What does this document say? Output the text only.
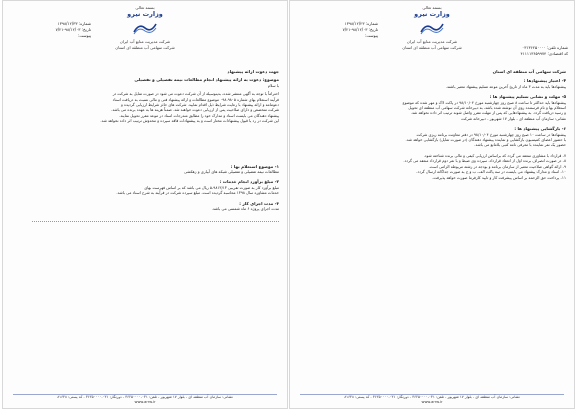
بسمه تعالی
وزارت نیرو
شرکت مدیریت منابع آب ایران
شرکت سهامی آب منطقه ای استان
شماره: ۱۳۹۸/۱۲/۳۳
تاریخ: ۹۸/۱۲/۰۳-۷/۲۱
پیوست:
جهت دعوت ارائه پیشنهاد
موضوع: دعوت به ارائه پیشنهاد انجام مطالعات نیمه تفصیلی و تفصیلی
با سلام
احتراماً با توجه به آگهی منتشر شده، بدینوسیله از آن شرکت دعوت می شود در صورت تمایل به شرکت در
فرآیند استعلام بهای شماره ۹۸۰۵-۰۹۸ موضوع مطالعات و ارائه پیشنهاد فنی و مالی نسبت به دریافت اسناد
دعوتنامه و ارائه پیشنهاد با رعایت شرایط ذیل اقدام نمایید. شرکت های حائز شرایط ارزیابی گردیده و
شرکت متخصص و دارای صلاحیت پس از ارزیابی دعوت خواهند شد. ضمناً هزینه ها به عهده برنده می باشد.
پیشنهاد دهندگان می بایست اسناد و مدارک خود را مطابق مندرجات اسناد در موعد مقرر تحویل نمایند.
این شرکت در رد یا قبول پیشنهادات مختار است و به پیشنهادات فاقد سپرده و مخدوش ترتیب اثر داده نخواهد شد.
۱- موضوع استعلام بها :
مطالعات نیمه تفصیلی و تفصیلی شبکه های آبیاری و زهکشی
۲- مبلغ برآورد انجام خدمات :
مبلغ برآورد کار به صورت تقریبی ۹۸۱۳/۱۳-۵ ریال می باشد که بر اساس فهرست بهای
خدمات مشاوره سال ۱۳۹۸ محاسبه گردیده است. مبلغ سپرده شرکت در فرآیند به شرح اسناد می باشد.
۳- مدت اجرای کار :
مدت اجرای پروژه ۶ ماه شمسی می باشد.
نشانی: سازمان آب منطقه ای - بلوار ۱۷ شهریور - تلفن: ۰۳۱-۳۶۲۵۰۰۰۰ - دورنگار: ۰۳۱-۳۶۲۵۰۰۰۰ - کد پستی: ۸۱۶۴۸
www.arrw.ir
بسمه تعالی
وزارت نیرو
شرکت مدیریت منابع آب ایران
شرکت سهامی آب منطقه ای استان
شماره: ۱۳۹۸/۱۲/۲۳
تاریخ: ۹۸/۱۲/۰۳-۷/۲۱
پیوست:
شماره تلفن: ۰۳۱۳۶۲۵۰۰۰۰
کد اقتصادی: ۴۱۱۱۱۳۶۵۹۹۷۴
شرکت سهامی آب منطقه ای استان
۴- اعتبار پیشنهادها :
پیشنهادها باید به مدت ۳ ماه از تاریخ آخرین موعد تسلیم پیشنهاد معتبر باشند.
۵- مهلت و نشانی تسلیم پیشنهاد ها :
پیشنهادها باید حداکثر تا ساعت ۸ صبح روز چهارشنبه مورخ ۹۸/۱۰/۰۴ در پاکت لاک و مهر شده که موضوع
استعلام بها و نام فرستنده روی آن نوشته شده باشد، به دبیرخانه شرکت سهامی آب منطقه ای تحویل
و رسید دریافت گردد. به پیشنهادهایی که پس از مهلت مقرر واصل شوند ترتیب اثر داده نخواهد شد.
نشانی: سازمان آب منطقه ای - بلوار ۱۷ شهریور - دبیرخانه شرکت
۶- بازگشایی پیشنهاد ها :
پیشنهادها در ساعت ۱۰ صبح روز چهارشنبه مورخ ۹۸/۱۰/۰۴ در دفتر معاونت برنامه ریزی شرکت
با حضور اعضای کمیسیون بازگشایی و نماینده پیشنهاد دهندگان (در صورت تمایل) بازگشایی خواهد شد.
حضور یک نفر نماینده با معرفی نامه کتبی بلامانع می باشد.
۷- قرارداد با مشاوری منعقد می گردد که براساس ارزیابی کیفی و مالی برنده شناخته شود.
۸- در صورت انصراف برنده اول از انعقاد قرارداد، سپرده وی ضبط و با نفر دوم قرارداد منعقد می گردد.
۹- ارائه گواهی صلاحیت معتبر از سازمان برنامه و بودجه در رشته مربوطه الزامی است.
۱۰- اسناد و مدارک پیشنهاد می بایست در سه پاکت الف، ب و ج به صورت جداگانه ارسال گردد.
۱۱- پرداخت حق الزحمه بر اساس پیشرفت کار و تایید کارفرما صورت خواهد پذیرفت.
نشانی: سازمان آب منطقه ای - بلوار ۱۷ شهریور - تلفن: ۰۳۱-۳۶۲۵۰۰۰۰ - دورنگار: ۰۳۱-۳۶۲۵۰۰۰۰ - کد پستی: ۸۱۶۴۸
www.arrw.ir
